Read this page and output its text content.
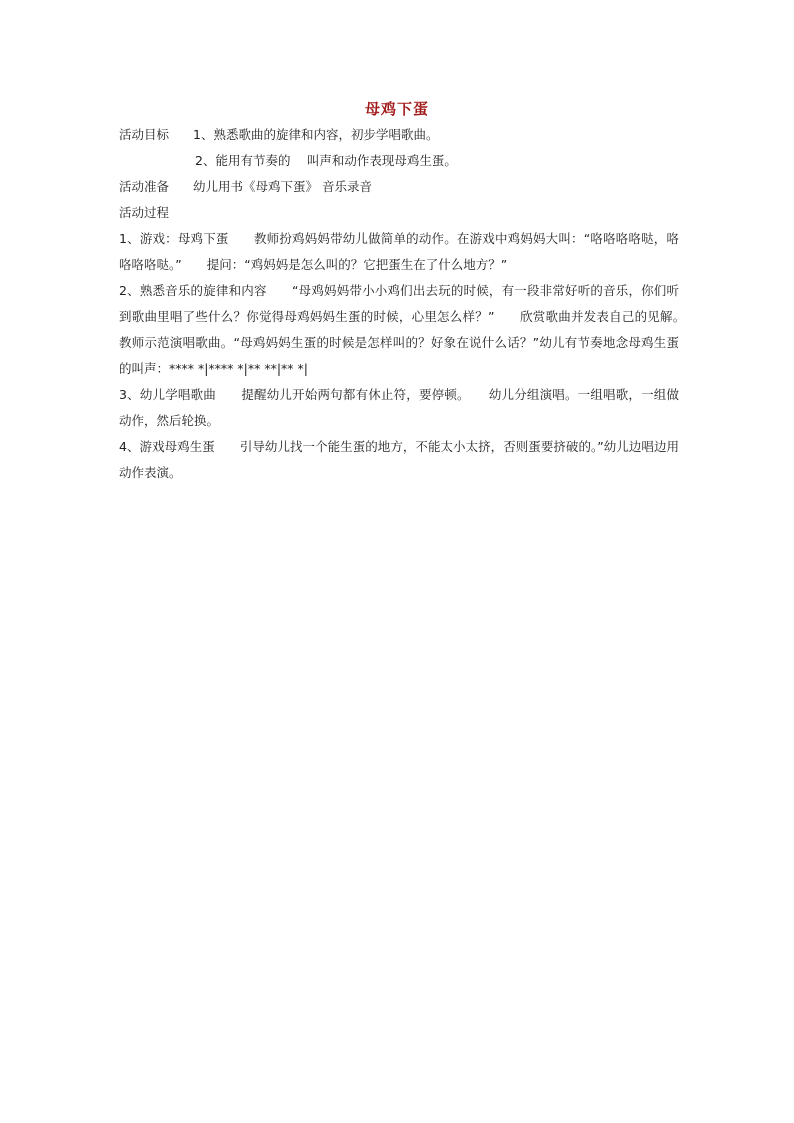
母鸡下蛋
活动目标 1、熟悉歌曲的旋律和内容，初步学唱歌曲。
2、能用有节奏的　 叫声和动作表现母鸡生蛋。
活动准备 幼儿用书《母鸡下蛋》 音乐录音
活动过程
1、游戏：母鸡下蛋　　教师扮鸡妈妈带幼儿做简单的动作。在游戏中鸡妈妈大叫：“咯咯咯咯哒，咯咯咯咯哒。”　　提问：“鸡妈妈是怎么叫的？它把蛋生在了什么地方？”
2、熟悉音乐的旋律和内容　　“母鸡妈妈带小小鸡们出去玩的时候，有一段非常好听的音乐，你们听到歌曲里唱了些什么？你觉得母鸡妈妈生蛋的时候，心里怎么样？”　　欣赏歌曲并发表自己的见解。　　教师示范演唱歌曲。“母鸡妈妈生蛋的时候是怎样叫的？好象在说什么话？”幼儿有节奏地念母鸡生蛋的叫声：**** *|**** *|** **|** *|
3、幼儿学唱歌曲　　提醒幼儿开始两句都有休止符，要停顿。　　幼儿分组演唱。一组唱歌，一组做动作，然后轮换。
4、游戏母鸡生蛋　　引导幼儿找一个能生蛋的地方，不能太小太挤，否则蛋要挤破的。”幼儿边唱边用动作表演。
